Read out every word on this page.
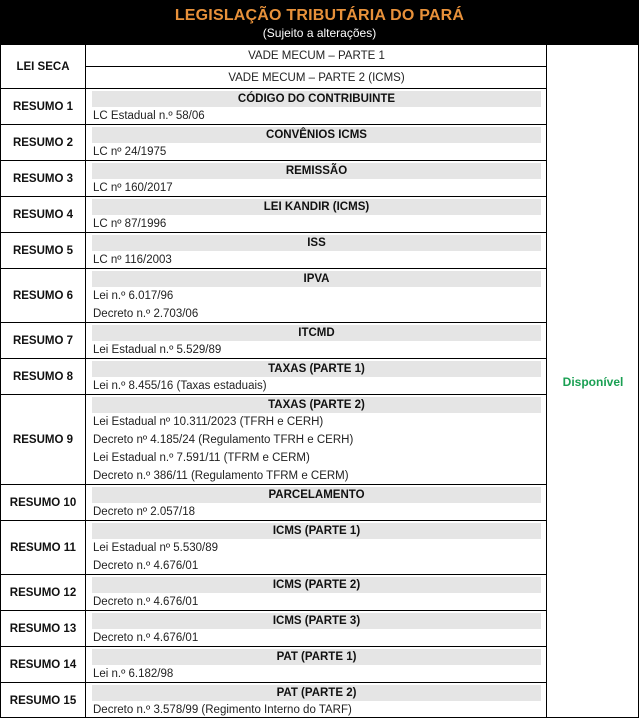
LEGISLAÇÃO TRIBUTÁRIA DO PARÁ
(Sujeito a alterações)
LEI SECA
VADE MECUM – PARTE 1
VADE MECUM – PARTE 2 (ICMS)
RESUMO 1
CÓDIGO DO CONTRIBUINTE
LC Estadual n.º 58/06
RESUMO 2
CONVÊNIOS ICMS
LC nº 24/1975
RESUMO 3
REMISSÃO
LC nº 160/2017
RESUMO 4
LEI KANDIR (ICMS)
LC nº 87/1996
RESUMO 5
ISS
LC nº 116/2003
RESUMO 6
IPVA
Lei n.º 6.017/96
Decreto n.º 2.703/06
RESUMO 7
ITCMD
Lei Estadual n.º 5.529/89
RESUMO 8
TAXAS (PARTE 1)
Lei n.º 8.455/16 (Taxas estaduais)
RESUMO 9
TAXAS (PARTE 2)
Lei Estadual nº 10.311/2023 (TFRH e CERH)
Decreto nº 4.185/24 (Regulamento TFRH e CERH)
Lei Estadual n.º 7.591/11 (TFRM e CERM)
Decreto n.º 386/11 (Regulamento TFRM e CERM)
RESUMO 10
PARCELAMENTO
Decreto nº 2.057/18
RESUMO 11
ICMS (PARTE 1)
Lei Estadual nº 5.530/89
Decreto n.º 4.676/01
RESUMO 12
ICMS (PARTE 2)
Decreto n.º 4.676/01
RESUMO 13
ICMS (PARTE 3)
Decreto n.º 4.676/01
RESUMO 14
PAT (PARTE 1)
Lei n.º 6.182/98
RESUMO 15
PAT (PARTE 2)
Decreto n.º 3.578/99 (Regimento Interno do TARF)
Disponível
